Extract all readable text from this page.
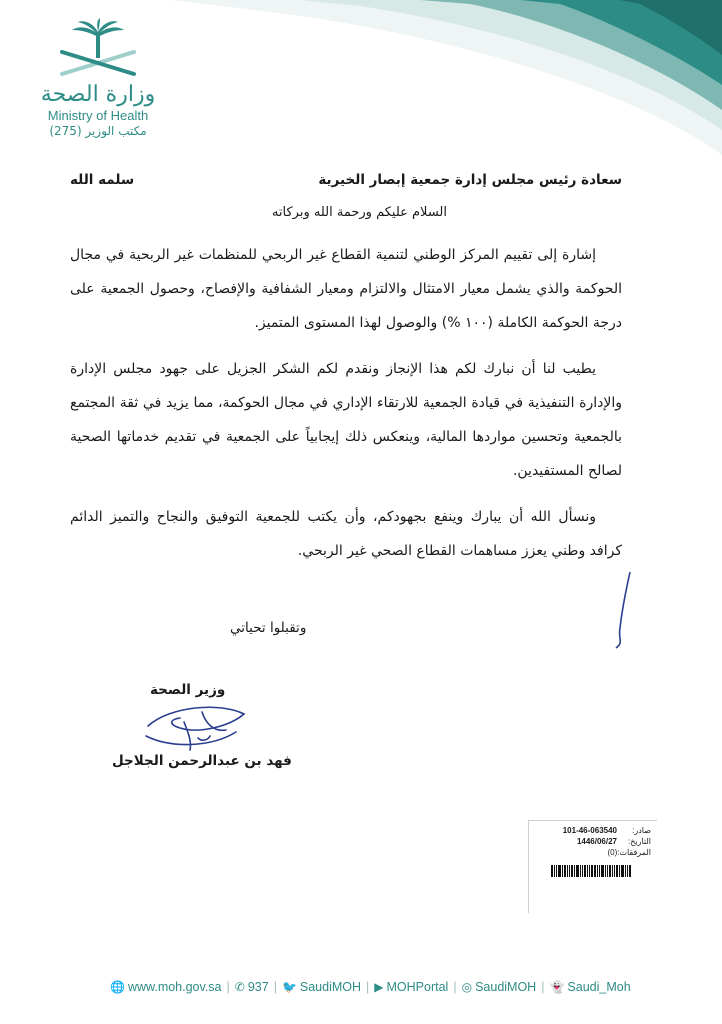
وزارة الصحة
Ministry of Health
مكتب الوزير (275)
سعادة رئيس مجلس إدارة جمعية إبصار الخيرية
سلمه الله
السلام عليكم ورحمة الله وبركاته

إشارة إلى تقييم المركز الوطني لتنمية القطاع غير الربحي للمنظمات غير الربحية في مجال الحوكمة والذي يشمل معيار الامتثال والالتزام ومعيار الشفافية والإفصاح، وحصول الجمعية على درجة الحوكمة الكاملة (١٠٠ %) والوصول لهذا المستوى المتميز.

يطيب لنا أن نبارك لكم هذا الإنجاز ونقدم لكم الشكر الجزيل على جهود مجلس الإدارة والإدارة التنفيذية في قيادة الجمعية للارتقاء الإداري في مجال الحوكمة، مما يزيد في ثقة المجتمع بالجمعية وتحسين مواردها المالية، وينعكس ذلك إيجابياً على الجمعية في تقديم خدماتها الصحية لصالح المستفيدين.

ونسأل الله أن يبارك وينفع بجهودكم، وأن يكتب للجمعية التوفيق والنجاح والتميز الدائم كرافد وطني يعزز مساهمات القطاع الصحي غير الربحي.

وتقبلوا تحياتي
وزير الصحة
فهد بن عبدالرحمن الجلاجل
صادر:
101-46-063540
التاريخ:
1446/06/27
المرفقات:(0)
🌐 www.moh.gov.sa | ✆ 937 | 🐦 SaudiMOH | ▶ MOHPortal | ◎ SaudiMOH | 👻 Saudi_Moh
